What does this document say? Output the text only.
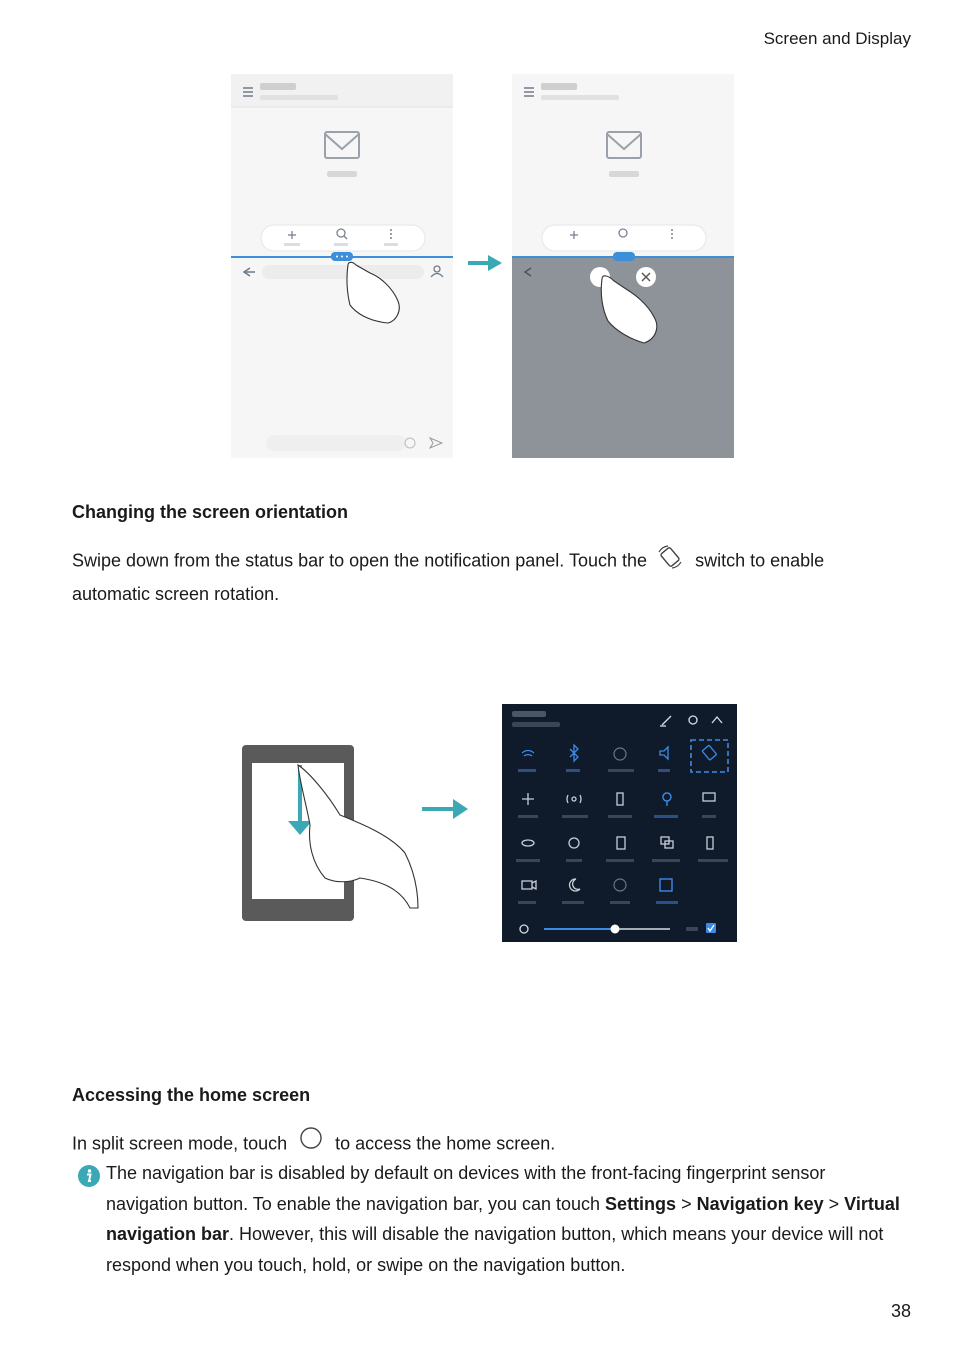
Screen and Display
Changing the screen orientation
Swipe down from the status bar to open the notification panel. Touch the	switch to enable
automatic screen rotation.
Accessing the home screen
In split screen mode, touch	to access the home screen.
The navigation bar is disabled by default on devices with the front-facing fingerprint sensor navigation button. To enable the navigation bar, you can touch Settings > Navigation key > Virtual navigation bar. However, this will disable the navigation button, which means your device will not respond when you touch, hold, or swipe on the navigation button.
38
